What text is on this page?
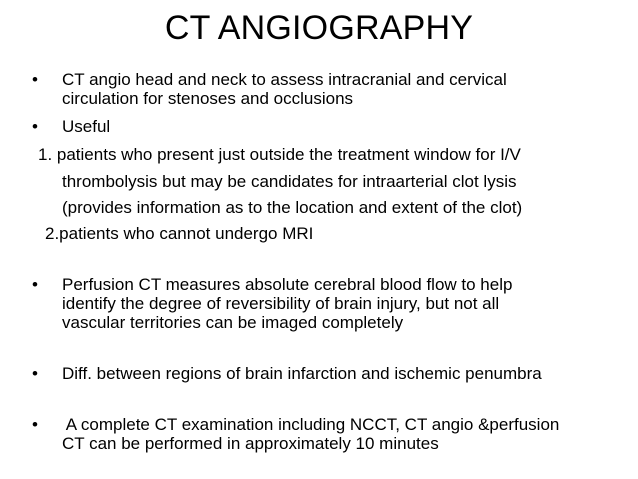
CT ANGIOGRAPHY
• CT angio head and neck to assess intracranial and cervical
circulation for stenoses and occlusions
• Useful
1. patients who present just outside the treatment window for I/V
thrombolysis but may be candidates for intraarterial clot lysis
(provides information as to the location and extent of the clot)
2.patients who cannot undergo MRI
• Perfusion CT measures absolute cerebral blood flow to help
identify the degree of reversibility of brain injury, but not all
vascular territories can be imaged completely
• Diff. between regions of brain infarction and ischemic penumbra
• A complete CT examination including NCCT, CT angio &perfusion
CT can be performed in approximately 10 minutes
